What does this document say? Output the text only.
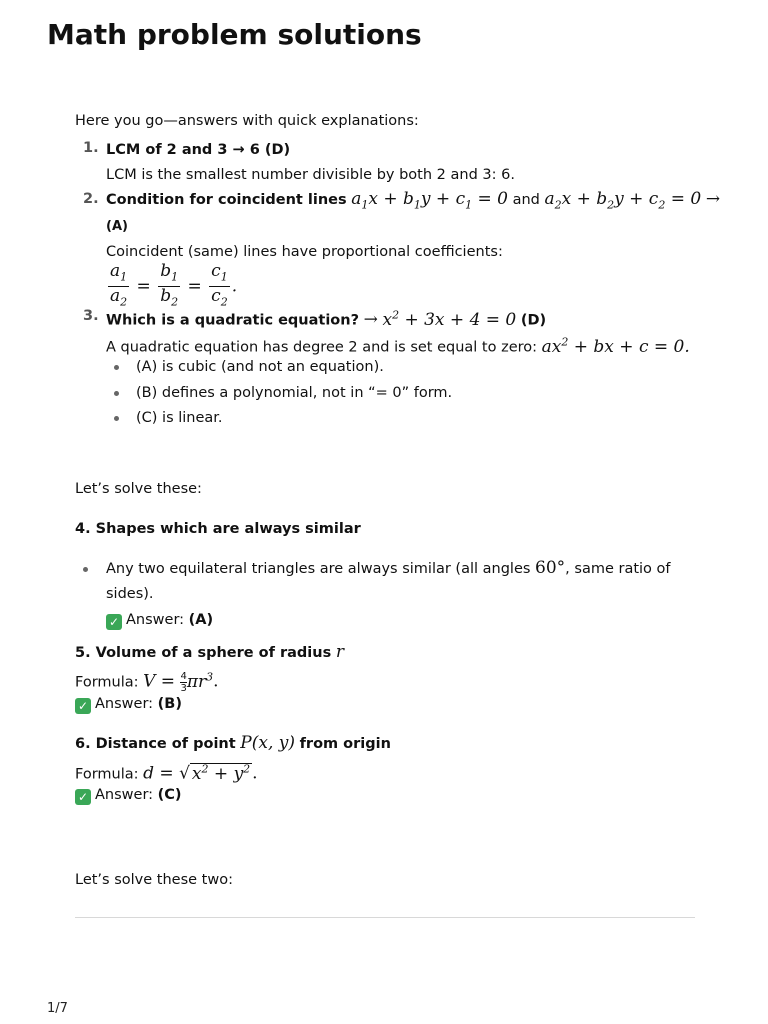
Math problem solutions
Here you go—answers with quick explanations:
1. LCM of 2 and 3 → 6 (D)
LCM is the smallest number divisible by both 2 and 3: 6.
2. Condition for coincident lines $a_1x + b_1y + c_1 = 0$ and $a_2x + b_2y + c_2 = 0$ →
(A)
Coincident (same) lines have proportional coefficients:
$\frac{a_1}{a_2} = \frac{b_1}{b_2} = \frac{c_1}{c_2}$ .
3. Which is a quadratic equation? → $x^2 + 3x + 4 = 0$ (D)
A quadratic equation has degree 2 and is set equal to zero: $ax^2$ + bx + c = 0.
(A) is cubic (and not an equation).
(B) defines a polynomial, not in “= 0” form.
(C) is linear.
Let’s solve these:
4. Shapes which are always similar
Any two equilateral triangles are always similar (all angles 60°, same ratio of
sides).
✓ Answer: (A)
5. Volume of a sphere of radius r
Formula: $V = \frac{4}{3} \pi r^3$.
✓ Answer: (B)
6. Distance of point P(x, y) from origin
Formula: d = √ $x^2 + y^2$ .
✓ Answer: (C)
Let’s solve these two:
1/7
